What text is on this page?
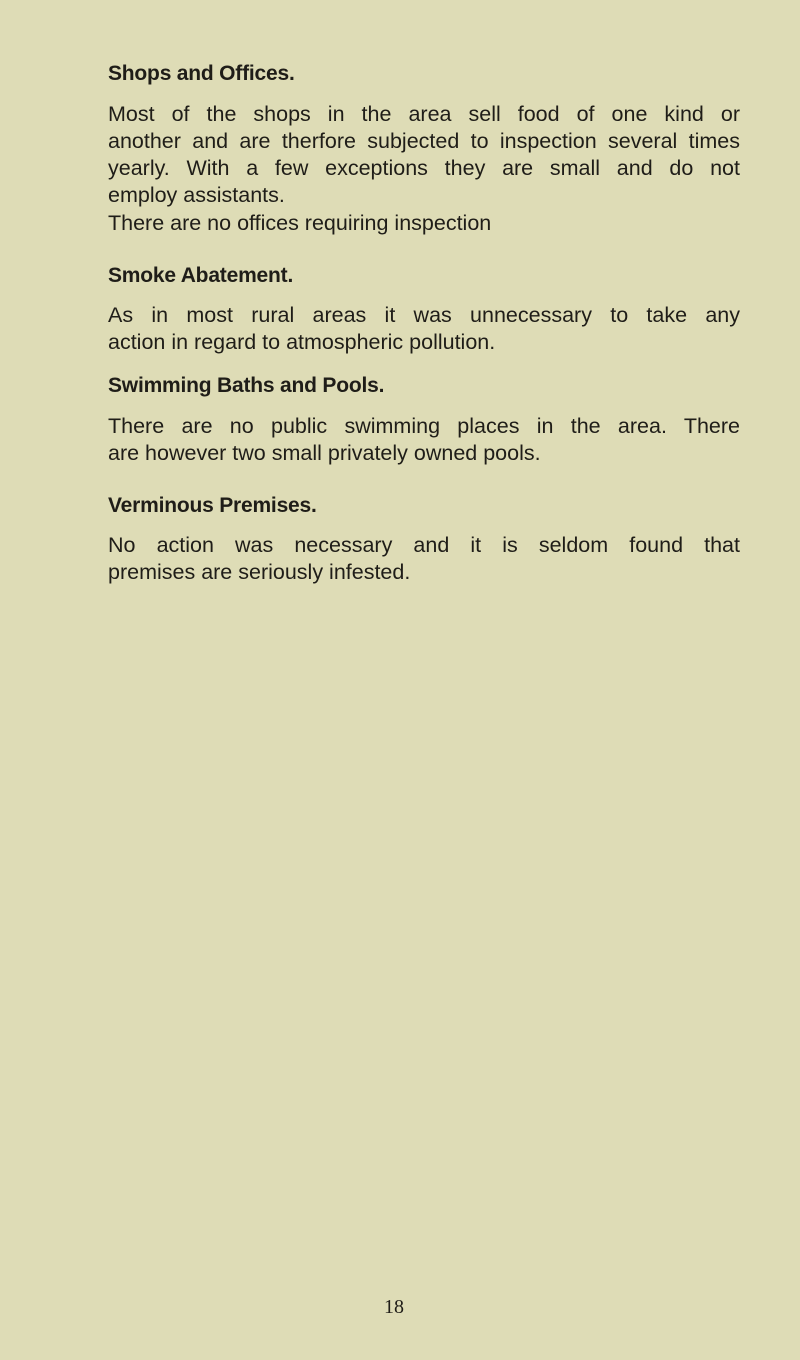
Shops and Offices.

Most of the shops in the area sell food of one kind or
another and are therfore subjected to inspection several times
yearly. With a few exceptions they are small and do not
employ assistants.

There are no offices requiring inspection

Smoke Abatement.

As in most rural areas it was unnecessary to take any
action in regard to atmospheric pollution.

Swimming Baths and Pools.

There are no public swimming places in the area. There
are however two small privately owned pools.

Verminous Premises.

No action was necessary and it is seldom found that
premises are seriously infested.

18
